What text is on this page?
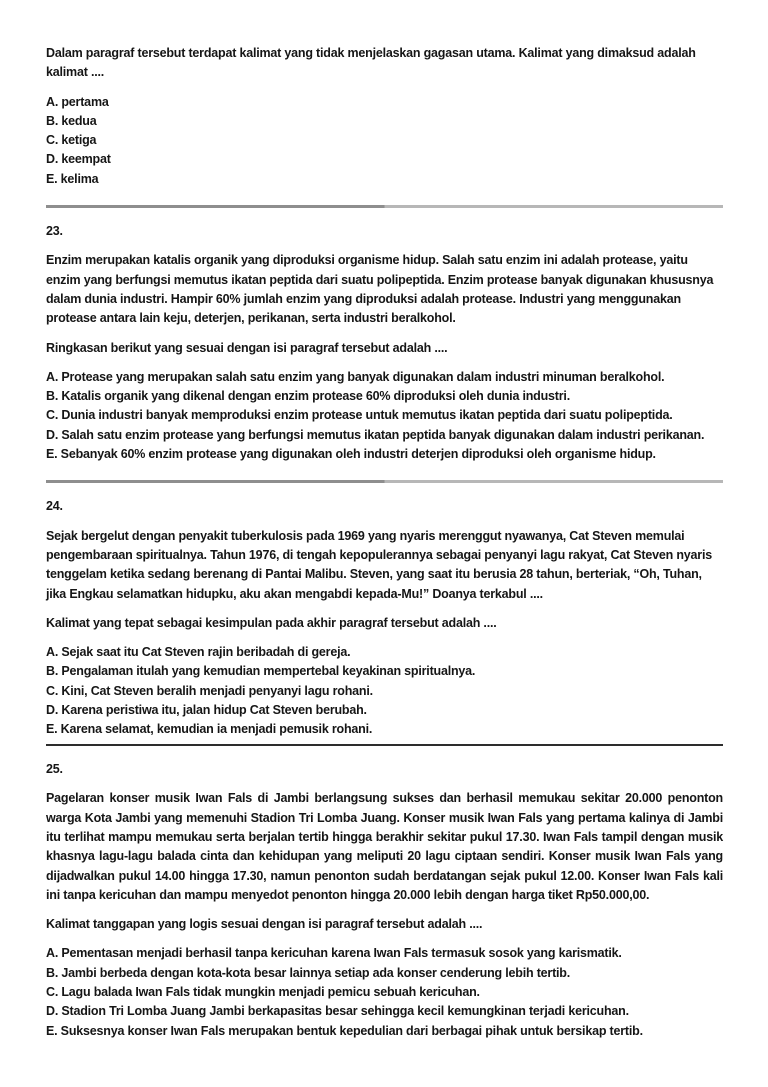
Dalam paragraf tersebut terdapat kalimat yang tidak menjelaskan gagasan utama. Kalimat yang dimaksud adalah kalimat ....

A. pertama

B. kedua

C. ketiga

D. keempat

E. kelima

23.

Enzim merupakan katalis organik yang diproduksi organisme hidup. Salah satu enzim ini adalah protease, yaitu enzim yang berfungsi memutus ikatan peptida dari suatu polipeptida. Enzim protease banyak digunakan khususnya dalam dunia industri. Hampir 60% jumlah enzim yang diproduksi adalah protease. Industri yang menggunakan protease antara lain keju, deterjen, perikanan, serta industri beralkohol.

Ringkasan berikut yang sesuai dengan isi paragraf tersebut adalah ....

A. Protease yang merupakan salah satu enzim yang banyak digunakan dalam industri minuman beralkohol.

B. Katalis organik yang dikenal dengan enzim protease 60% diproduksi oleh dunia industri.

C. Dunia industri banyak memproduksi enzim protease untuk memutus ikatan peptida dari suatu polipeptida.

D. Salah satu enzim protease yang berfungsi memutus ikatan peptida banyak digunakan dalam industri perikanan.

E. Sebanyak 60% enzim protease yang digunakan oleh industri deterjen diproduksi oleh organisme hidup.

24.

Sejak bergelut dengan penyakit tuberkulosis pada 1969 yang nyaris merenggut nyawanya, Cat Steven memulai pengembaraan spiritualnya. Tahun 1976, di tengah kepopulerannya sebagai penyanyi lagu rakyat, Cat Steven nyaris tenggelam ketika sedang berenang di Pantai Malibu. Steven, yang saat itu berusia 28 tahun, berteriak, “Oh, Tuhan, jika Engkau selamatkan hidupku, aku akan mengabdi kepada-Mu!” Doanya terkabul ....

Kalimat yang tepat sebagai kesimpulan pada akhir paragraf tersebut adalah ....

A. Sejak saat itu Cat Steven rajin beribadah di gereja.

B. Pengalaman itulah yang kemudian mempertebal keyakinan spiritualnya.

C. Kini, Cat Steven beralih menjadi penyanyi lagu rohani.

D. Karena peristiwa itu, jalan hidup Cat Steven berubah.

E. Karena selamat, kemudian ia menjadi pemusik rohani.

25.

Pagelaran konser musik Iwan Fals di Jambi berlangsung sukses dan berhasil memukau sekitar 20.000 penonton warga Kota Jambi yang memenuhi Stadion Tri Lomba Juang. Konser musik Iwan Fals yang pertama kalinya di Jambi itu terlihat mampu memukau serta berjalan tertib hingga berakhir sekitar pukul 17.30. Iwan Fals tampil dengan musik khasnya lagu-lagu balada cinta dan kehidupan yang meliputi 20 lagu ciptaan sendiri. Konser musik Iwan Fals yang dijadwalkan pukul 14.00 hingga 17.30, namun penonton sudah berdatangan sejak pukul 12.00. Konser Iwan Fals kali ini tanpa kericuhan dan mampu menyedot penonton hingga 20.000 lebih dengan harga tiket Rp50.000,00.

Kalimat tanggapan yang logis sesuai dengan isi paragraf tersebut adalah ....

A. Pementasan menjadi berhasil tanpa kericuhan karena Iwan Fals termasuk sosok yang karismatik.

B. Jambi berbeda dengan kota-kota besar lainnya setiap ada konser cenderung lebih tertib.

C. Lagu balada Iwan Fals tidak mungkin menjadi pemicu sebuah kericuhan.

D. Stadion Tri Lomba Juang Jambi berkapasitas besar sehingga kecil kemungkinan terjadi kericuhan.

E. Suksesnya konser Iwan Fals merupakan bentuk kepedulian dari berbagai pihak untuk bersikap tertib.
